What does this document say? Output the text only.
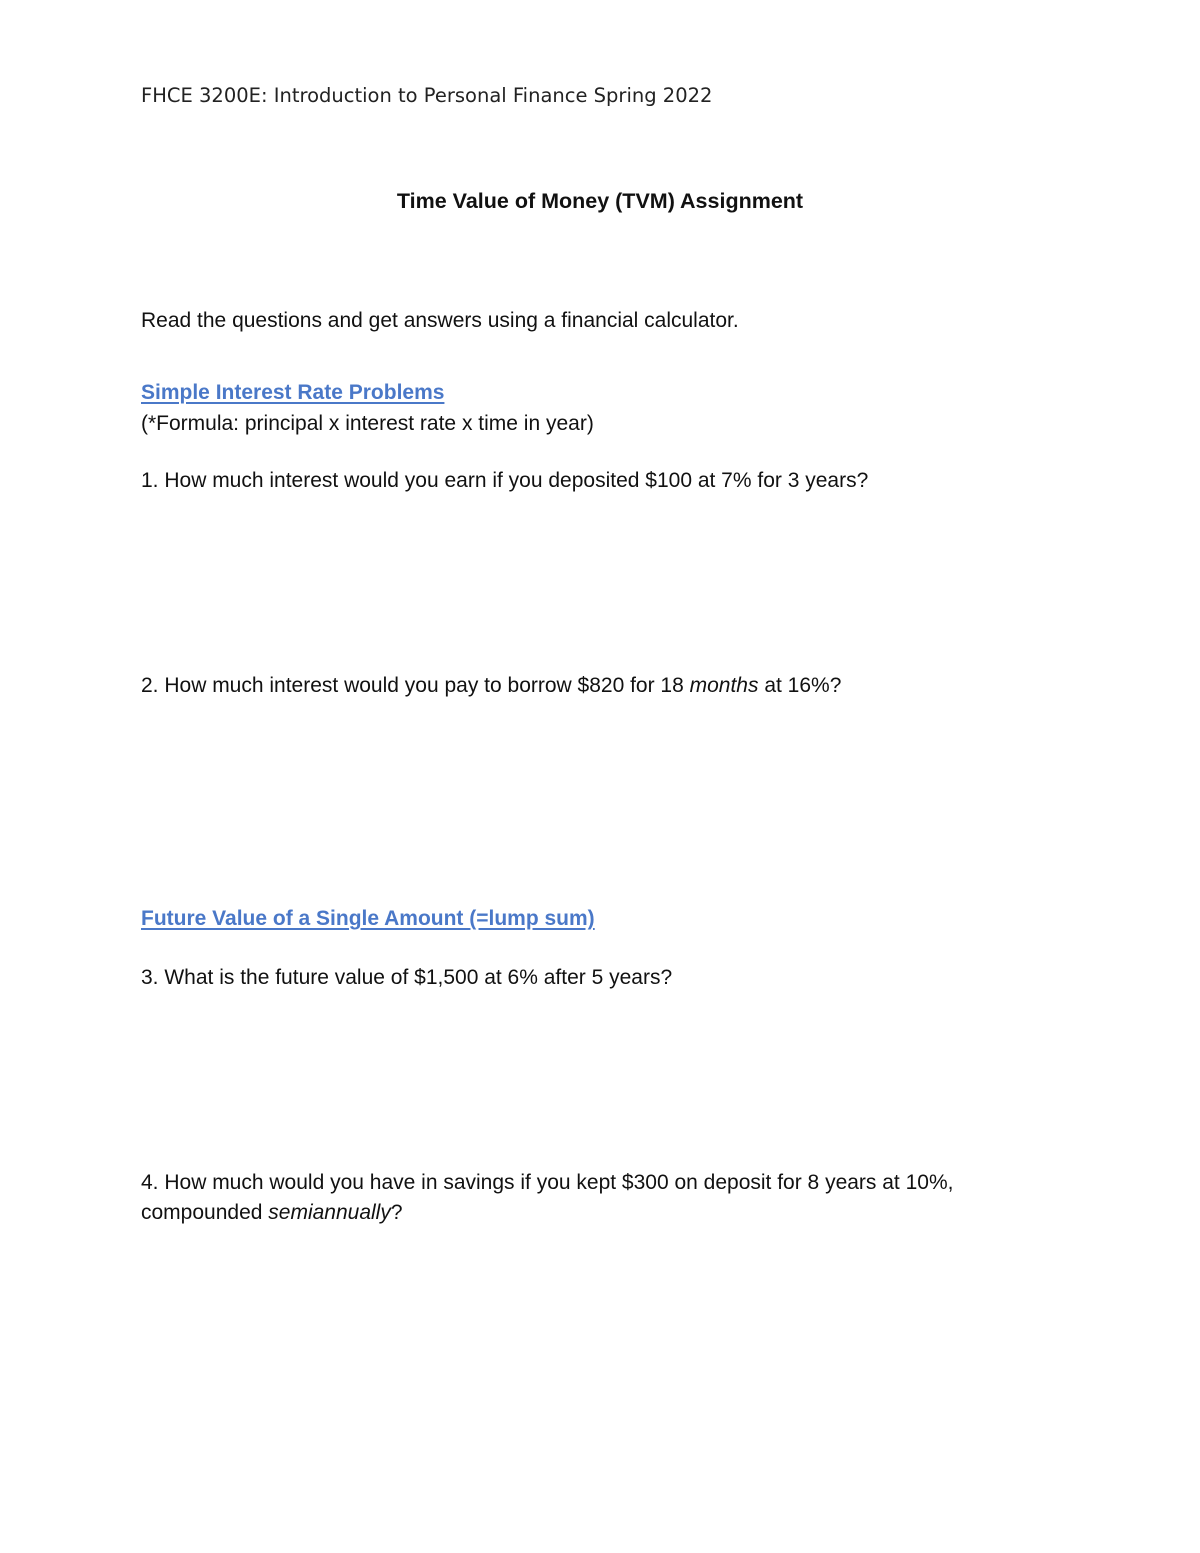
FHCE 3200E: Introduction to Personal Finance Spring 2022
Time Value of Money (TVM) Assignment
Read the questions and get answers using a financial calculator.
Simple Interest Rate Problems
(*Formula: principal x interest rate x time in year)
1. How much interest would you earn if you deposited $100 at 7% for 3 years?
2. How much interest would you pay to borrow $820 for 18 months at 16%?
Future Value of a Single Amount (=lump sum)
3. What is the future value of $1,500 at 6% after 5 years?
4. How much would you have in savings if you kept $300 on deposit for 8 years at 10%,
compounded semiannually?
